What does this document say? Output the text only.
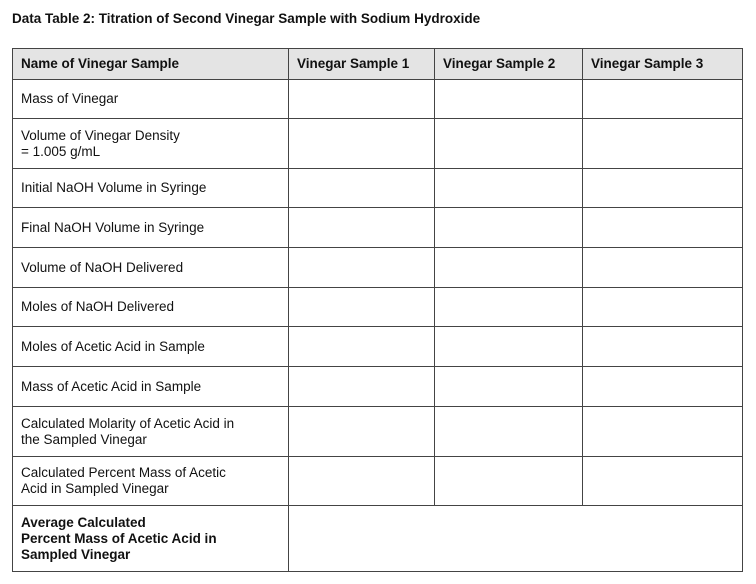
Data Table 2: Titration of Second Vinegar Sample with Sodium Hydroxide
Name of Vinegar Sample	Vinegar Sample 1	Vinegar Sample 2	Vinegar Sample 3

Mass of Vinegar			

Volume of Vinegar Density
= 1.005 g/mL			

Initial NaOH Volume in Syringe			

Final NaOH Volume in Syringe			

Volume of NaOH Delivered			

Moles of NaOH Delivered			

Moles of Acetic Acid in Sample			

Mass of Acetic Acid in Sample			

Calculated Molarity of Acetic Acid in
the Sampled Vinegar			

Calculated Percent Mass of Acetic
Acid in Sampled Vinegar			

Average Calculated
Percent Mass of Acetic Acid in
Sampled Vinegar			
